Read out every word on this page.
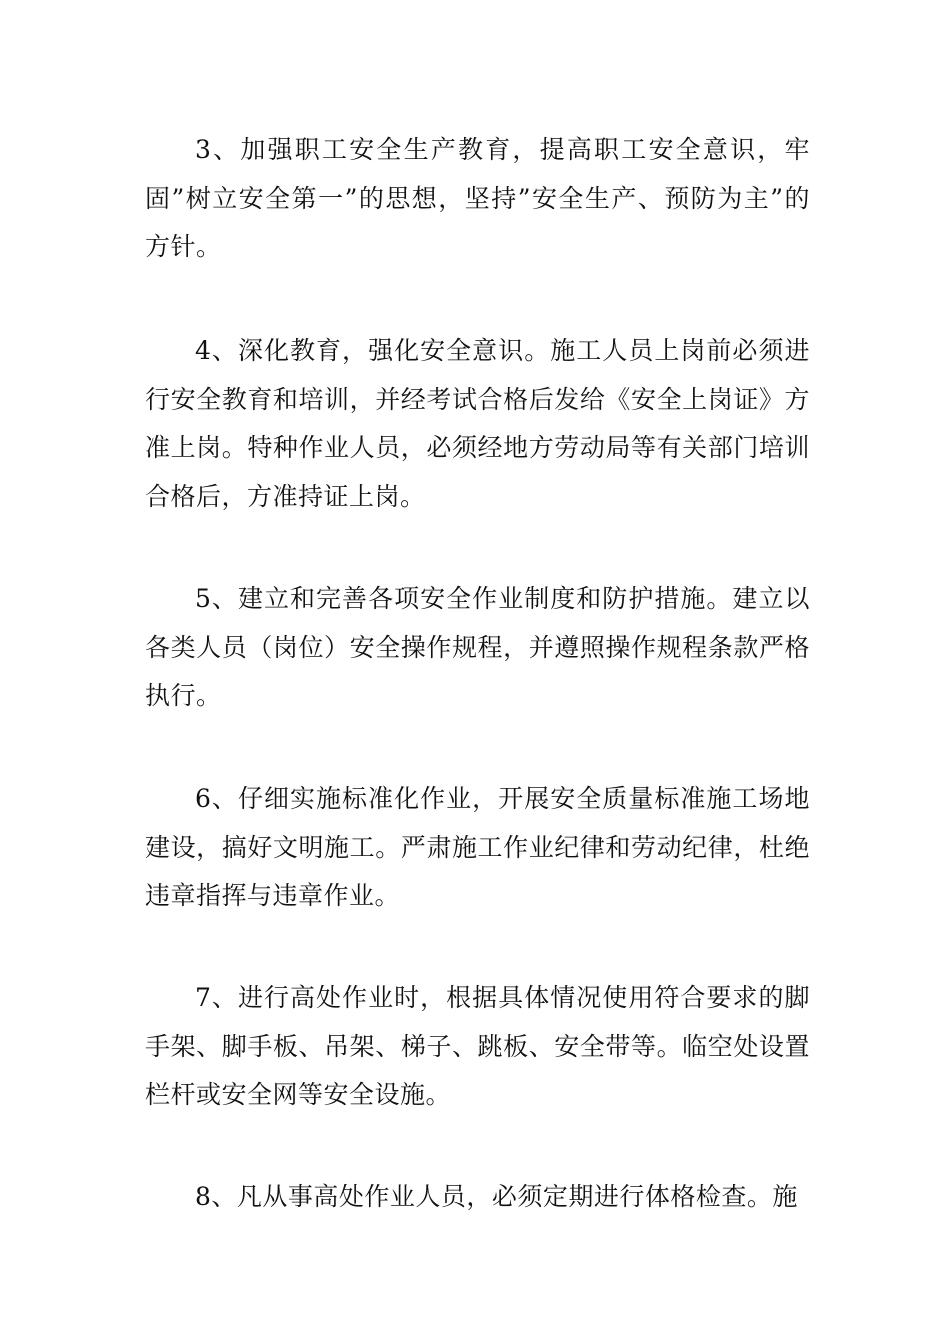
3、加强职工安全生产教育，提高职工安全意识，牢固”树立安全第一”的思想，坚持”安全生产、预防为主”的方针。

4、深化教育，强化安全意识。施工人员上岗前必须进行安全教育和培训，并经考试合格后发给《安全上岗证》方准上岗。特种作业人员，必须经地方劳动局等有关部门培训合格后，方准持证上岗。

5、建立和完善各项安全作业制度和防护措施。建立以各类人员（岗位）安全操作规程，并遵照操作规程条款严格执行。

6、仔细实施标准化作业，开展安全质量标准施工场地建设，搞好文明施工。严肃施工作业纪律和劳动纪律，杜绝违章指挥与违章作业。

7、进行高处作业时，根据具体情况使用符合要求的脚手架、脚手板、吊架、梯子、跳板、安全带等。临空处设置栏杆或安全网等安全设施。

8、凡从事高处作业人员，必须定期进行体格检查。施
